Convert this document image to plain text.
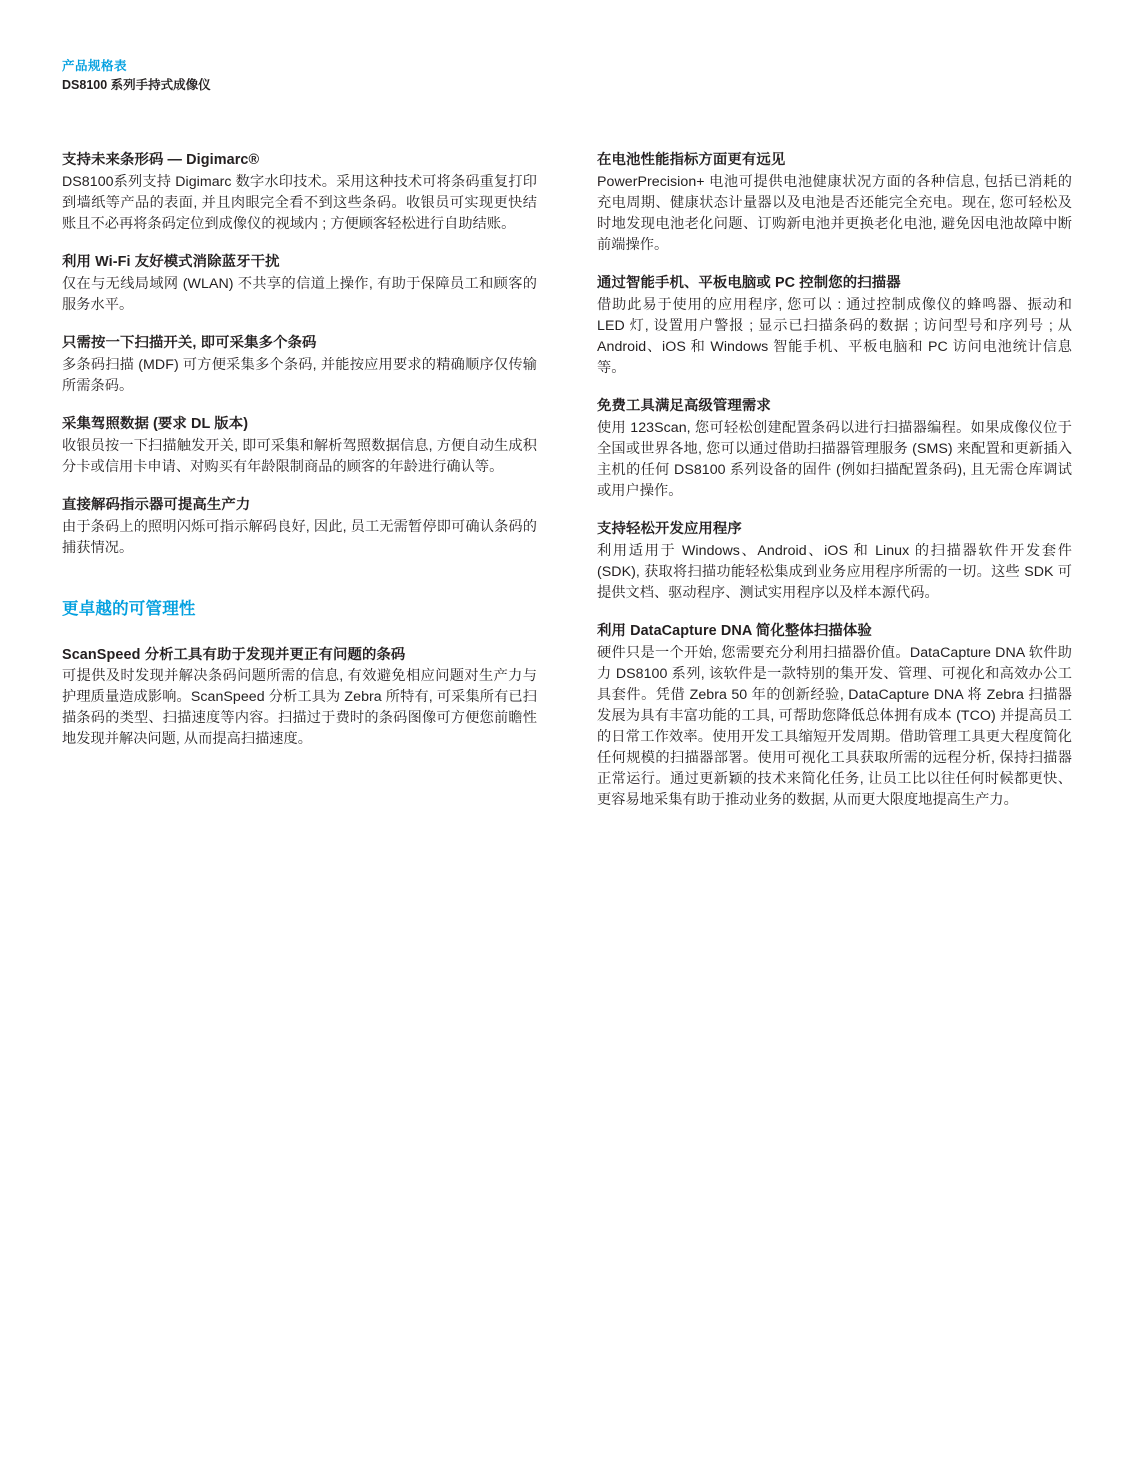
产品规格表
DS8100 系列手持式成像仪
支持未来条形码 — Digimarc®

DS8100系列支持 Digimarc 数字水印技术。采用这种技术可将条码重复打印到墙纸等产品的表面, 并且肉眼完全看不到这些条码。收银员可实现更快结账且不必再将条码定位到成像仪的视域内 ; 方便顾客轻松进行自助结账。

利用 Wi-Fi 友好模式消除蓝牙干扰

仅在与无线局域网 (WLAN) 不共享的信道上操作, 有助于保障员工和顾客的服务水平。

只需按一下扫描开关, 即可采集多个条码

多条码扫描 (MDF) 可方便采集多个条码, 并能按应用要求的精确顺序仅传输所需条码。

采集驾照数据 (要求 DL 版本)

收银员按一下扫描触发开关, 即可采集和解析驾照数据信息, 方便自动生成积分卡或信用卡申请、对购买有年龄限制商品的顾客的年龄进行确认等。

直接解码指示器可提高生产力

由于条码上的照明闪烁可指示解码良好, 因此, 员工无需暂停即可确认条码的捕获情况。

更卓越的可管理性
ScanSpeed 分析工具有助于发现并更正有问题的条码

可提供及时发现并解决条码问题所需的信息, 有效避免相应问题对生产力与护理质量造成影响。ScanSpeed 分析工具为 Zebra 所特有, 可采集所有已扫描条码的类型、扫描速度等内容。扫描过于费时的条码图像可方便您前瞻性地发现并解决问题, 从而提高扫描速度。

在电池性能指标方面更有远见

PowerPrecision+ 电池可提供电池健康状况方面的各种信息, 包括已消耗的充电周期、健康状态计量器以及电池是否还能完全充电。现在, 您可轻松及时地发现电池老化问题、订购新电池并更换老化电池, 避免因电池故障中断前端操作。

通过智能手机、平板电脑或 PC 控制您的扫描器

借助此易于使用的应用程序, 您可以 : 通过控制成像仪的蜂鸣器、振动和 LED 灯, 设置用户警报 ; 显示已扫描条码的数据 ; 访问型号和序列号 ; 从 Android、iOS 和 Windows 智能手机、平板电脑和 PC 访问电池统计信息等。

免费工具满足高级管理需求

使用 123Scan, 您可轻松创建配置条码以进行扫描器编程。如果成像仪位于全国或世界各地, 您可以通过借助扫描器管理服务 (SMS) 来配置和更新插入主机的任何 DS8100 系列设备的固件 (例如扫描配置条码), 且无需仓库调试或用户操作。

支持轻松开发应用程序

利用适用于 Windows、Android、iOS 和 Linux 的扫描器软件开发套件 (SDK), 获取将扫描功能轻松集成到业务应用程序所需的一切。这些 SDK 可提供文档、驱动程序、测试实用程序以及样本源代码。

利用 DataCapture DNA 简化整体扫描体验

硬件只是一个开始, 您需要充分利用扫描器价值。DataCapture DNA 软件助力 DS8100 系列, 该软件是一款特别的集开发、管理、可视化和高效办公工具套件。凭借 Zebra 50 年的创新经验, DataCapture DNA 将 Zebra 扫描器发展为具有丰富功能的工具, 可帮助您降低总体拥有成本 (TCO) 并提高员工的日常工作效率。使用开发工具缩短开发周期。借助管理工具更大程度简化任何规模的扫描器部署。使用可视化工具获取所需的远程分析, 保持扫描器正常运行。通过更新颖的技术来简化任务, 让员工比以往任何时候都更快、更容易地采集有助于推动业务的数据, 从而更大限度地提高生产力。
